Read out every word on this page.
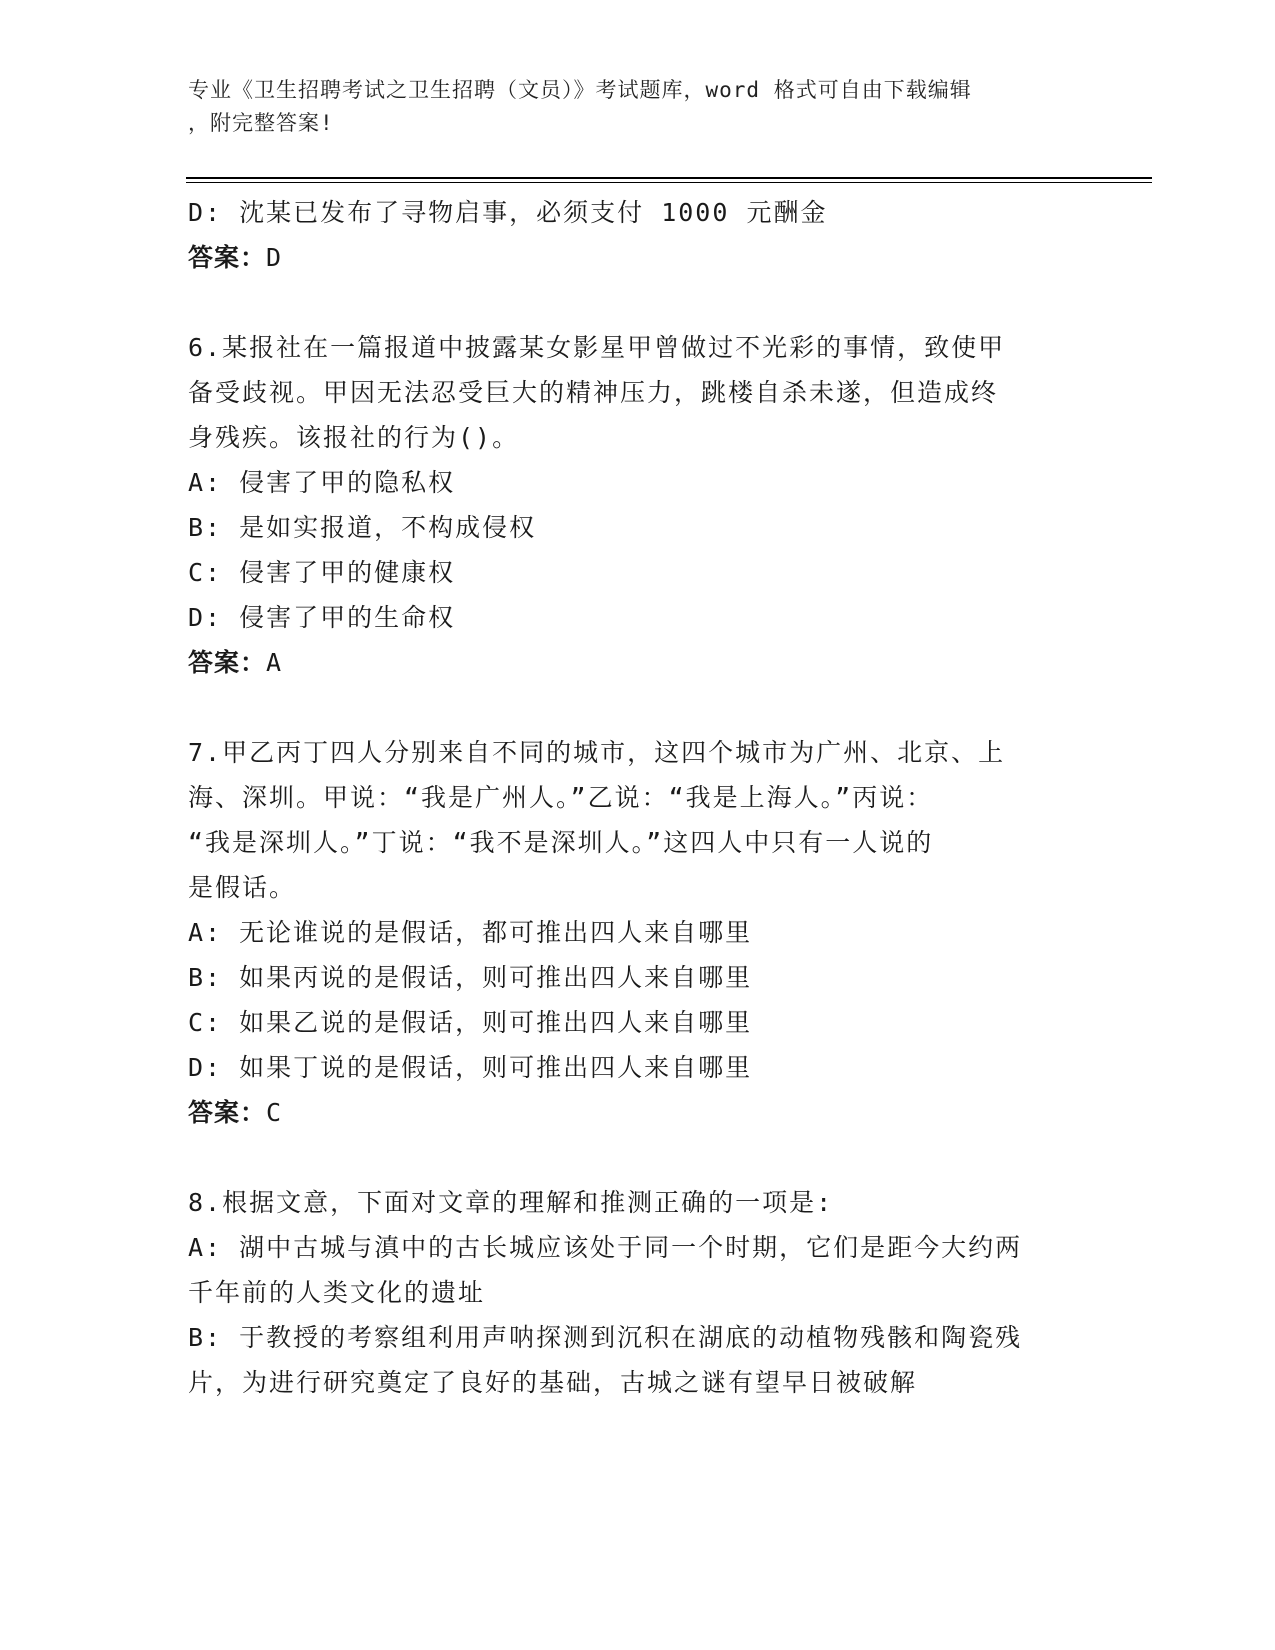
专业《卫生招聘考试之卫生招聘（文员）》考试题库，word 格式可自由下载编辑
，附完整答案!
D: 沈某已发布了寻物启事，必须支付 1000 元酬金
答案：D
6.某报社在一篇报道中披露某女影星甲曾做过不光彩的事情，致使甲
备受歧视。甲因无法忍受巨大的精神压力，跳楼自杀未遂，但造成终
身残疾。该报社的行为()。
A: 侵害了甲的隐私权
B: 是如实报道，不构成侵权
C: 侵害了甲的健康权
D: 侵害了甲的生命权
答案：A
7.甲乙丙丁四人分别来自不同的城市，这四个城市为广州、北京、上
海、深圳。甲说：“我是广州人。”乙说：“我是上海人。”丙说：
“我是深圳人。”丁说：“我不是深圳人。”这四人中只有一人说的
是假话。
A: 无论谁说的是假话，都可推出四人来自哪里
B: 如果丙说的是假话，则可推出四人来自哪里
C: 如果乙说的是假话，则可推出四人来自哪里
D: 如果丁说的是假话，则可推出四人来自哪里
答案：C
8.根据文意，下面对文章的理解和推测正确的一项是:
A: 湖中古城与滇中的古长城应该处于同一个时期，它们是距今大约两
千年前的人类文化的遗址
B: 于教授的考察组利用声呐探测到沉积在湖底的动植物残骸和陶瓷残
片，为进行研究奠定了良好的基础，古城之谜有望早日被破解
